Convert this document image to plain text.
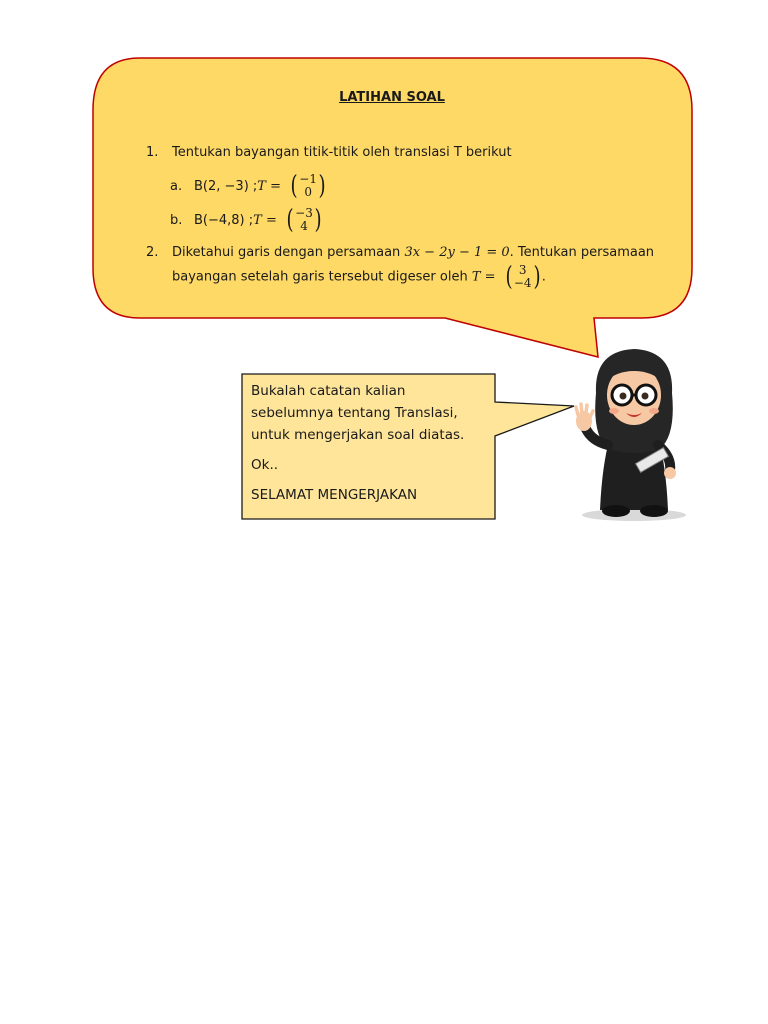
LATIHAN SOAL
1.	Tentukan bayangan titik-titik oleh translasi T berikut
a. B(2, −3) ; T = ( −1
0 )
b. B(−4,8) ; T = ( −3
4 )
2.	Diketahui garis dengan persamaan 3x − 2y − 1 = 0. Tentukan persamaan
bayangan setelah garis tersebut digeser oleh T = ( 3
−4 ) .

Bukalah catatan kalian

sebelumnya tentang Translasi,

untuk mengerjakan soal diatas.

Ok..

SELAMAT MENGERJAKAN
